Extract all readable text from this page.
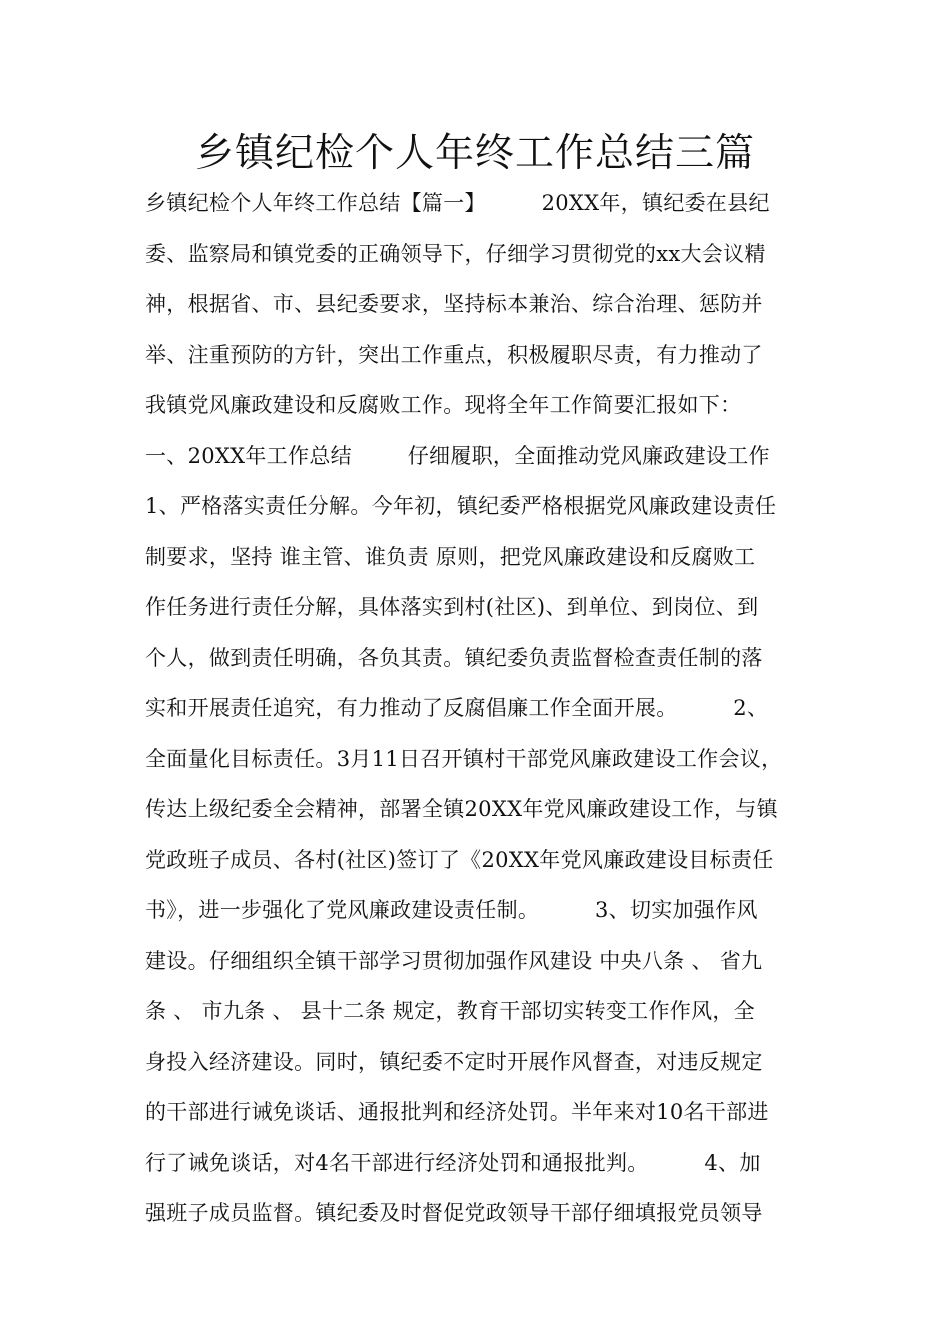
乡镇纪检个人年终工作总结三篇
乡镇纪检个人年终工作总结【篇一】        20XX年，镇纪委在县纪
委、监察局和镇党委的正确领导下，仔细学习贯彻党的xx大会议精
神，根据省、市、县纪委要求，坚持标本兼治、综合治理、惩防并
举、注重预防的方针，突出工作重点，积极履职尽责，有力推动了
我镇党风廉政建设和反腐败工作。现将全年工作简要汇报如下：
一、20XX年工作总结        仔细履职，全面推动党风廉政建设工作
1、严格落实责任分解。今年初，镇纪委严格根据党风廉政建设责任
制要求，坚持 谁主管、谁负责 原则，把党风廉政建设和反腐败工
作任务进行责任分解，具体落实到村(社区)、到单位、到岗位、到
个人，做到责任明确，各负其责。镇纪委负责监督检查责任制的落
实和开展责任追究，有力推动了反腐倡廉工作全面开展。        2、
全面量化目标责任。3月11日召开镇村干部党风廉政建设工作会议，
传达上级纪委全会精神，部署全镇20XX年党风廉政建设工作，与镇
党政班子成员、各村(社区)签订了《20XX年党风廉政建设目标责任
书》，进一步强化了党风廉政建设责任制。        3、切实加强作风
建设。仔细组织全镇干部学习贯彻加强作风建设 中央八条 、 省九
条 、 市九条 、 县十二条 规定，教育干部切实转变工作作风，全
身投入经济建设。同时，镇纪委不定时开展作风督查，对违反规定
的干部进行诫免谈话、通报批判和经济处罚。半年来对10名干部进
行了诫免谈话，对4名干部进行经济处罚和通报批判。        4、加
强班子成员监督。镇纪委及时督促党政领导干部仔细填报党员领导
